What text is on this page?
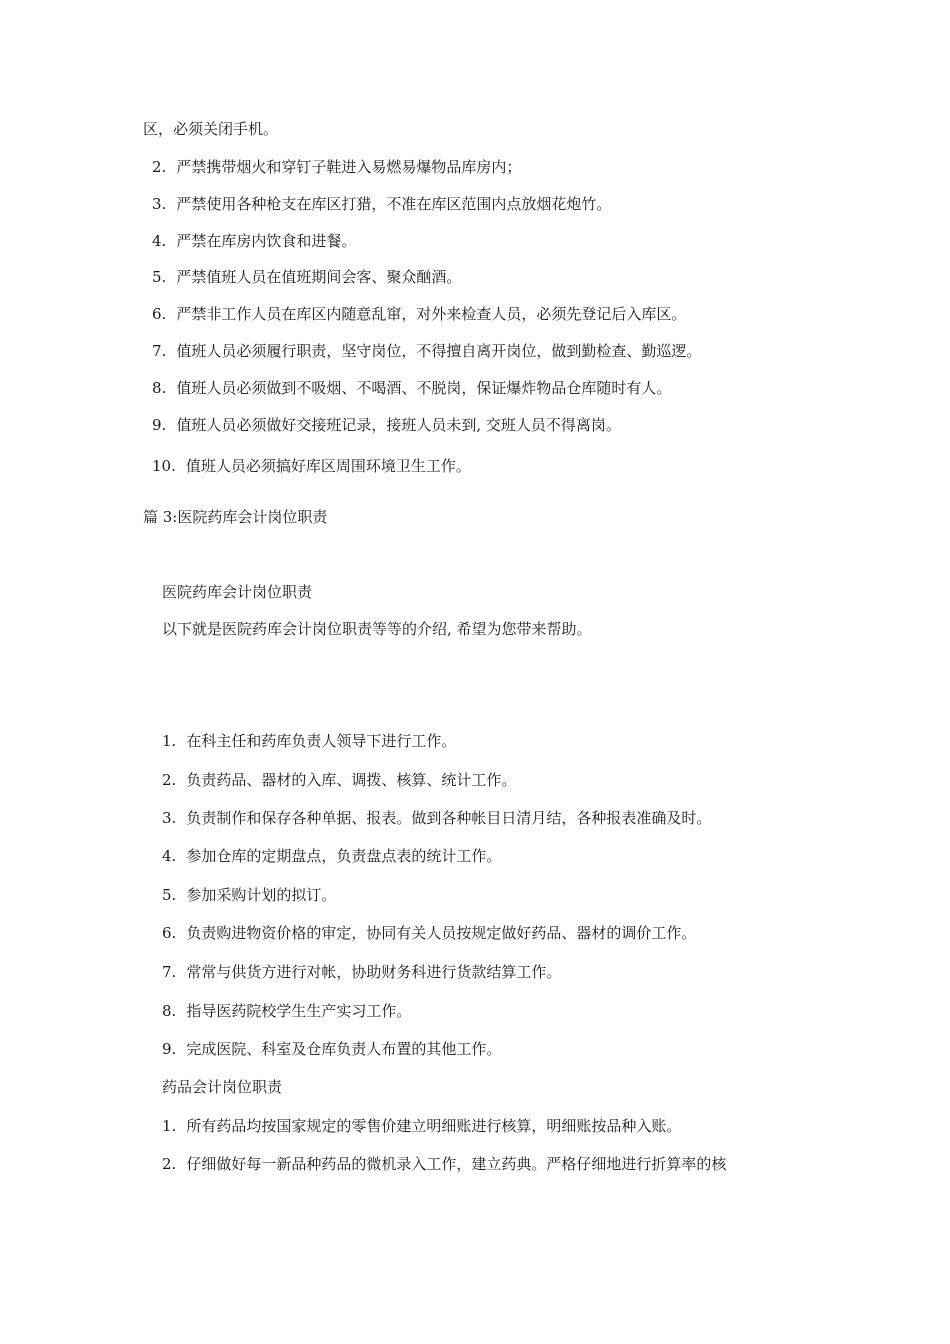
区，必须关闭手机。
2. 严禁携带烟火和穿钉子鞋进入易燃易爆物品库房内；
3. 严禁使用各种枪支在库区打猎，不准在库区范围内点放烟花炮竹。
4. 严禁在库房内饮食和进餐。
5. 严禁值班人员在值班期间会客、聚众酗酒。
6. 严禁非工作人员在库区内随意乱窜，对外来检查人员，必须先登记后入库区。
7. 值班人员必须履行职责，坚守岗位，不得擅自离开岗位，做到勤检查、勤巡逻。
8. 值班人员必须做到不吸烟、不喝酒、不脱岗，保证爆炸物品仓库随时有人。
9. 值班人员必须做好交接班记录，接班人员未到, 交班人员不得离岗。
10. 值班人员必须搞好库区周围环境卫生工作。
篇 3:医院药库会计岗位职责
医院药库会计岗位职责
以下就是医院药库会计岗位职责等等的介绍, 希望为您带来帮助。
1. 在科主任和药库负责人领导下进行工作。
2. 负责药品、器材的入库、调拨、核算、统计工作。
3. 负责制作和保存各种单据、报表。做到各种帐目日清月结，各种报表准确及时。
4. 参加仓库的定期盘点，负责盘点表的统计工作。
5. 参加采购计划的拟订。
6. 负责购进物资价格的审定，协同有关人员按规定做好药品、器材的调价工作。
7. 常常与供货方进行对帐，协助财务科进行货款结算工作。
8. 指导医药院校学生生产实习工作。
9. 完成医院、科室及仓库负责人布置的其他工作。
药品会计岗位职责
1. 所有药品均按国家规定的零售价建立明细账进行核算，明细账按品种入账。
2. 仔细做好每一新品种药品的微机录入工作，建立药典。严格仔细地进行折算率的核
